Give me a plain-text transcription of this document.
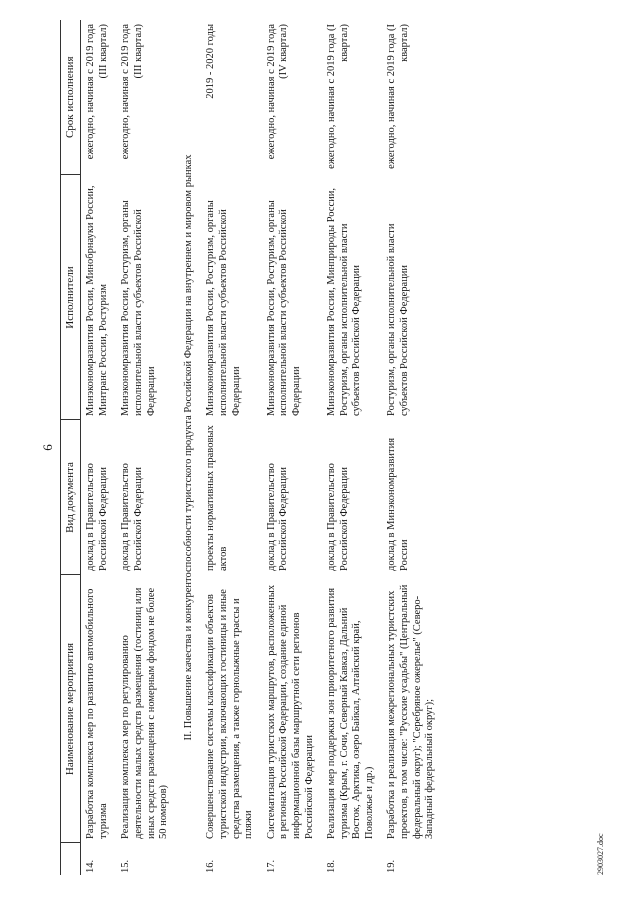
6
	Наименование мероприятия	Вид документа	Исполнители	Срок исполнения
14.	Разработка комплекса мер по развитию автомобильного туризма	доклад в Правительство Российской Федерации	Минэкономразвития России, Минобрнауки России, Минтранс России, Ростуризм	ежегодно, начиная с 2019 года (III квартал)
15.	Реализация комплекса мер по регулированию деятельности малых средств размещения (гостиниц или иных средств размещения с номерным фондом не более 50 номеров)	доклад в Правительство Российской Федерации	Минэкономразвития России, Ростуризм, органы исполнительной власти субъектов Российской Федерации	ежегодно, начиная с 2019 года (III квартал)
II. Повышение качества и конкурентоспособности туристского продукта Российской Федерации на внутреннем и мировом рынках				
16.	Совершенствование системы классификации объектов туристской индустрии, включающих гостиницы и иные средства размещения, а также горнолыжные трассы и пляжи	проекты нормативных правовых актов	Минэкономразвития России, Ростуризм, органы исполнительной власти субъектов Российской Федерации	2019 - 2020 годы
17.	Систематизация туристских маршрутов, расположенных в регионах Российской Федерации, создание единой информационной базы маршрутной сети регионов Российской Федерации	доклад в Правительство Российской Федерации	Минэкономразвития России, Ростуризм, органы исполнительной власти субъектов Российской Федерации	ежегодно, начиная с 2019 года (IV квартал)
18.	Реализация мер поддержки зон приоритетного развития туризма (Крым, г. Сочи, Северный Кавказ, Дальний Восток, Арктика, озеро Байкал, Алтайский край, Поволжье и др.)	доклад в Правительство Российской Федерации	Минэкономразвития России, Минприроды России, Ростуризм, органы исполнительной власти субъектов Российской Федерации	ежегодно, начиная с 2019 года (I квартал)
19.	Разработка и реализация межрегиональных туристских проектов, в том числе: "Русские усадьбы" (Центральный федеральный округ); "Серебряное ожерелье" (Северо-Западный федеральный округ);	доклад в Минэкономразвития России	Ростуризм, органы исполнительной власти субъектов Российской Федерации	ежегодно, начиная с 2019 года (I квартал)
2903027.doc
